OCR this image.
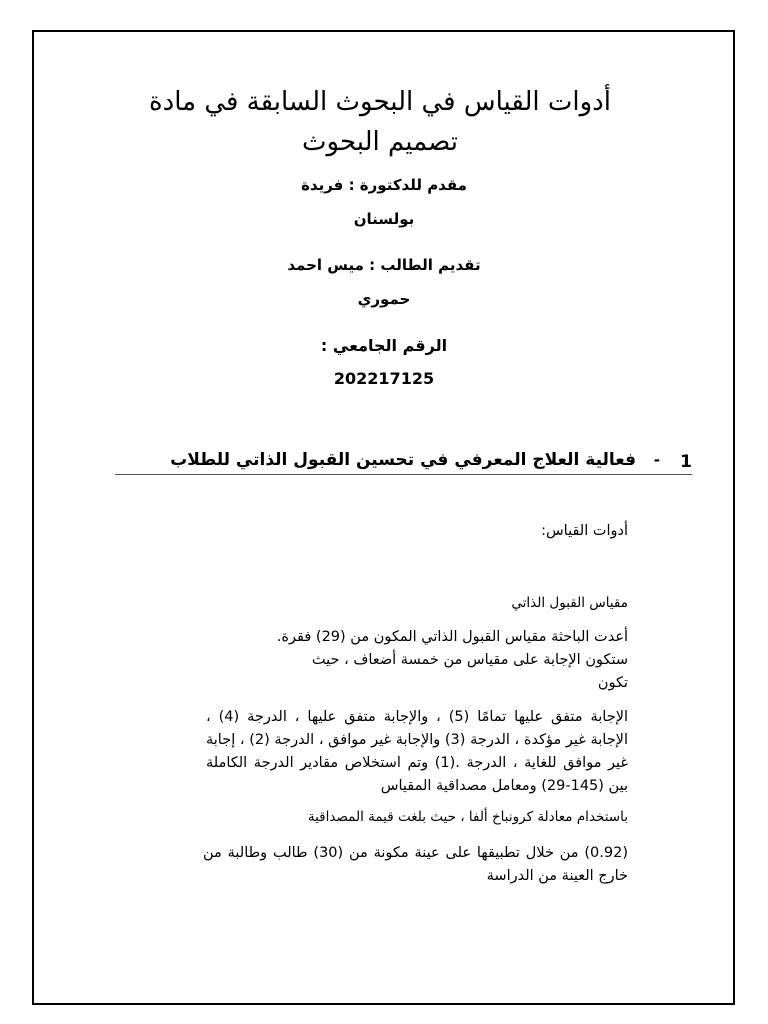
أدوات القياس في البحوث السابقة في مادة
تصميم البحوث
مقدم للدكتورة : فريدة
بولسنان
تقديم الطالب : ميس احمد
حموري
الرقم الجامعي :
202217125
1
-
فعالية العلاج المعرفي في تحسين القبول الذاتي للطلاب
أدوات القياس:
مقياس القبول الذاتي
أعدت الباحثة مقياس القبول الذاتي المكون من (29) فقرة.
ستكون الإجابة على مقياس من خمسة أضعاف ، حيث
تكون
الإجابة متفق عليها تمامًا (5) ، والإجابة متفق عليها ، الدرجة (4) ، الإجابة غير مؤكدة ، الدرجة (3) والإجابة غير موافق ، الدرجة (2) ، إجابة غير موافق للغاية ، الدرجة .(1) وتم استخلاص مقادير الدرجة الكاملة بين (145-29) ومعامل مصداقية المقياس
باستخدام معادلة كرونباخ ألفا ، حيث بلغت قيمة المصداقية
(0.92) من خلال تطبيقها على عينة مكونة من (30) طالب وطالبة من خارج العينة من الدراسة
